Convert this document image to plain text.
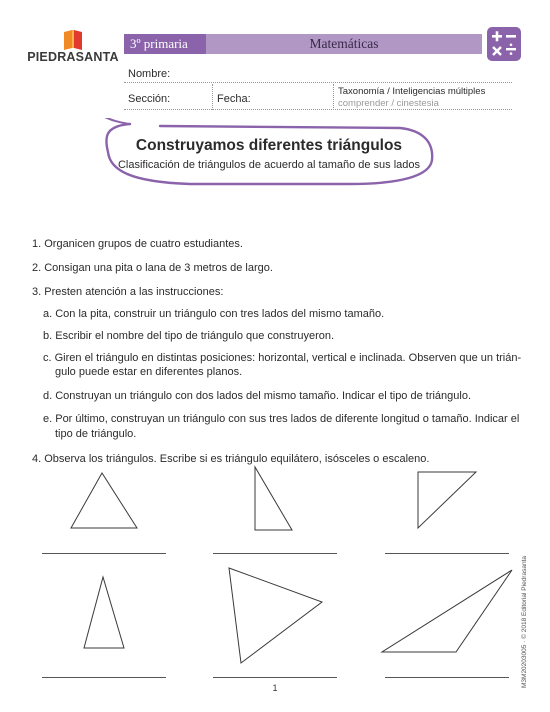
PIEDRASANTA
3º primaria	Matemáticas
Nombre:
Sección:	Fecha:
Taxonomía / Inteligencias múltiples
comprender / cinestesia
Construyamos diferentes triángulos
Clasificación de triángulos de acuerdo al tamaño de sus lados
1. Organicen grupos de cuatro estudiantes.
2. Consigan una pita o lana de 3 metros de largo.
3. Presten atención a las instrucciones:
a. Con la pita, construir un triángulo con tres lados del mismo tamaño.
b. Escribir el nombre del tipo de triángulo que construyeron.
c. Giren el triángulo en distintas posiciones: horizontal, vertical e inclinada. Observen que un trián-
gulo puede estar en diferentes planos.
d. Construyan un triángulo con dos lados del mismo tamaño. Indicar el tipo de triángulo.
e. Por último, construyan un triángulo con sus tres lados de diferente longitud o tamaño. Indicar el
tipo de triángulo.
4. Observa los triángulos. Escribe si es triángulo equilátero, isósceles o escaleno.
M3M20203005 · © 2018 Editorial Piedrasanta
1
